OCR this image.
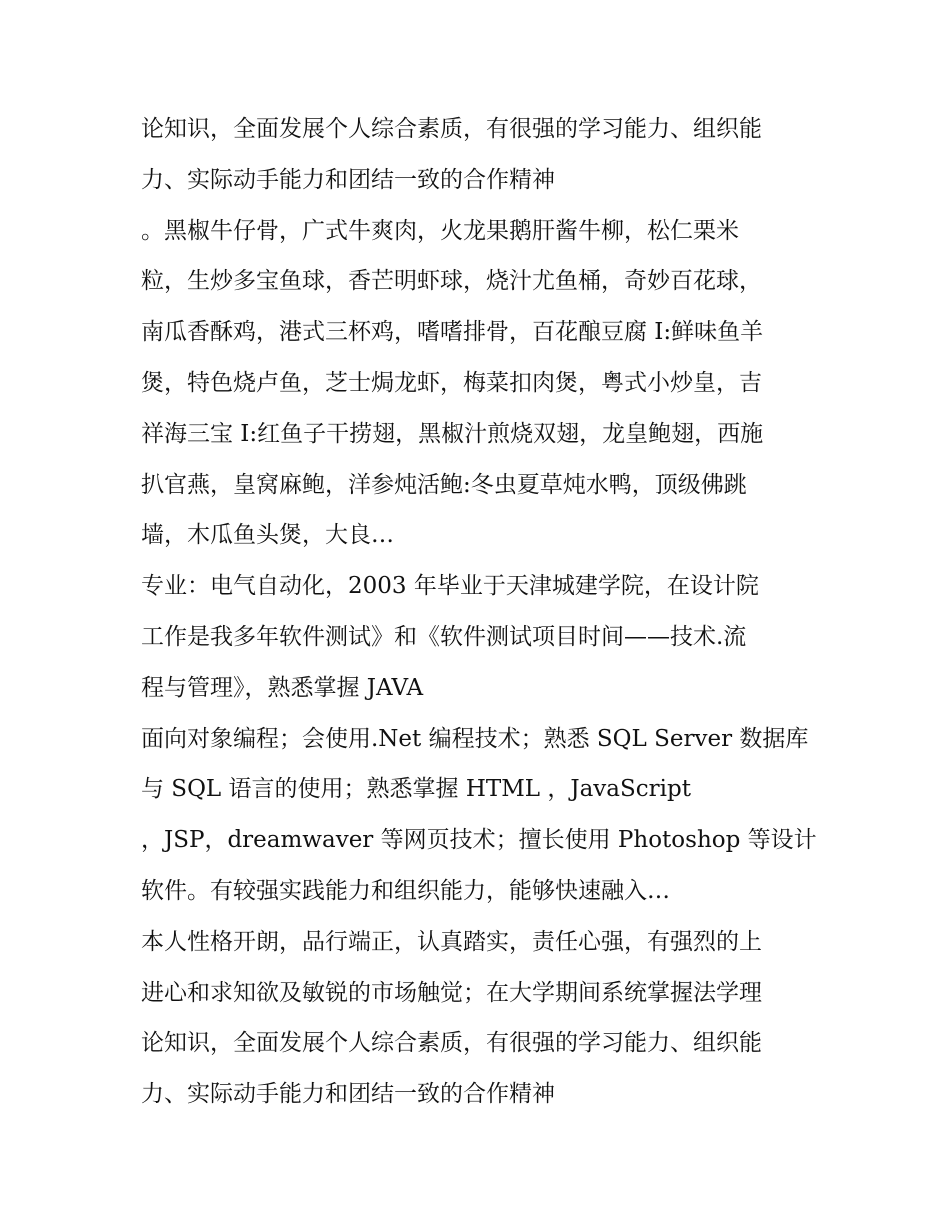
论知识，全面发展个人综合素质，有很强的学习能力、组织能
力、实际动手能力和团结一致的合作精神
。黑椒牛仔骨，广式牛爽肉，火龙果鹅肝酱牛柳，松仁栗米
粒，生炒多宝鱼球，香芒明虾球，烧汁尤鱼桶，奇妙百花球，
南瓜香酥鸡，港式三杯鸡，嗜嗜排骨，百花酿豆腐 I:鲜味鱼羊
煲，特色烧卢鱼，芝士焗龙虾，梅菜扣肉煲，粤式小炒皇，吉
祥海三宝 I:红鱼子干捞翅，黑椒汁煎烧双翅，龙皇鲍翅，西施
扒官燕，皇窝麻鲍，洋参炖活鲍:冬虫夏草炖水鸭，顶级佛跳
墙，木瓜鱼头煲，大良…
专业：电气自动化，2003 年毕业于天津城建学院，在设计院
工作是我多年软件测试》和《软件测试项目时间——技术.流
程与管理》，熟悉掌握 JAVA
面向对象编程；会使用.Net 编程技术；熟悉 SQL Server 数据库
与 SQL 语言的使用；熟悉掌握 HTML ，JavaScript
，JSP，dreamwaver 等网页技术；擅长使用 Photoshop 等设计
软件。有较强实践能力和组织能力，能够快速融入…
本人性格开朗，品行端正，认真踏实，责任心强，有强烈的上
进心和求知欲及敏锐的市场触觉；在大学期间系统掌握法学理
论知识，全面发展个人综合素质，有很强的学习能力、组织能
力、实际动手能力和团结一致的合作精神
